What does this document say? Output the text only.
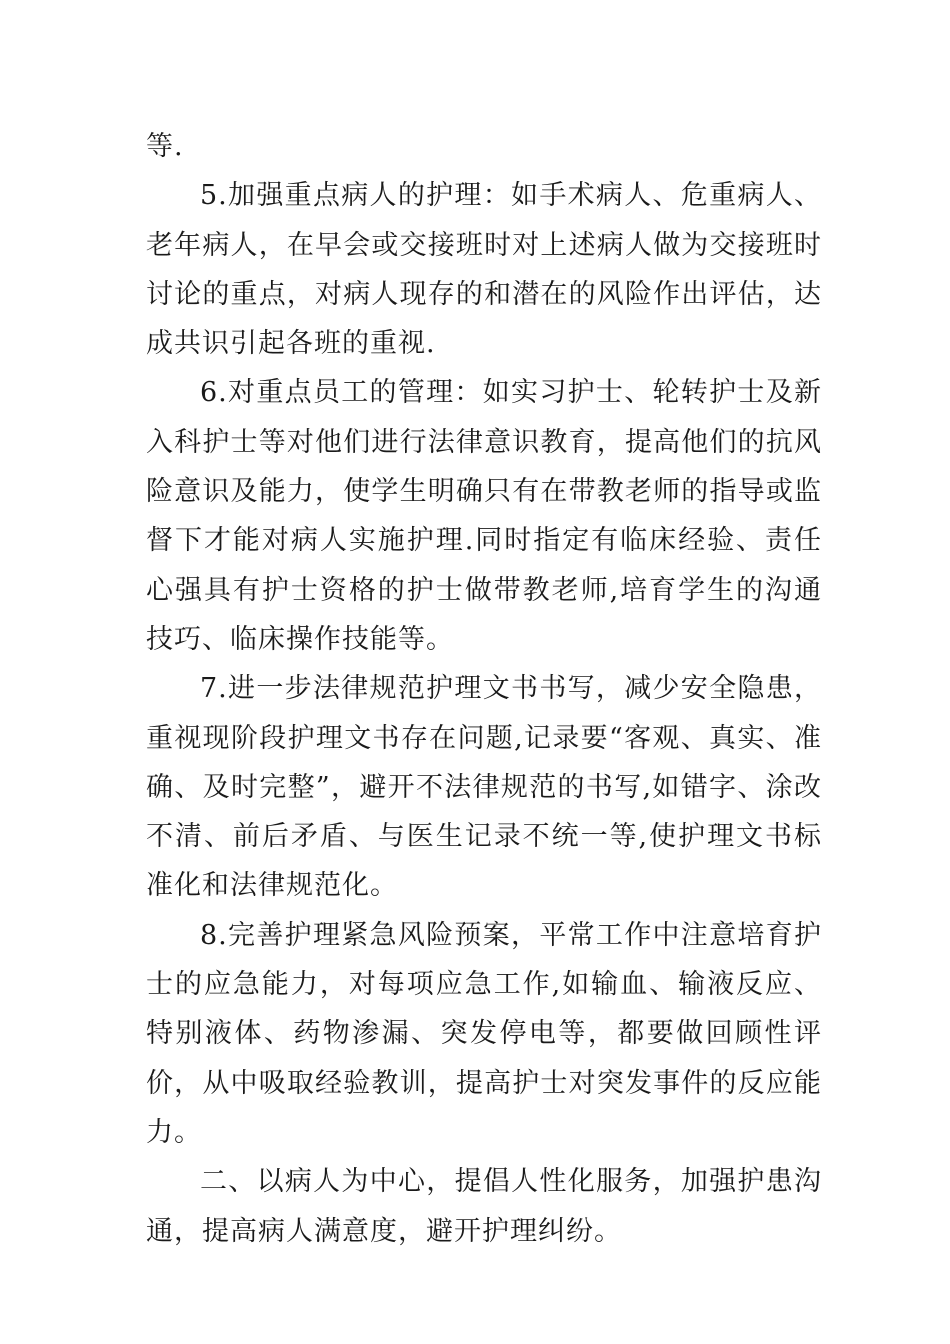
等.

5.加强重点病人的护理：如手术病人、危重病人、老年病人，在早会或交接班时对上述病人做为交接班时讨论的重点，对病人现存的和潜在的风险作出评估，达成共识引起各班的重视.

6.对重点员工的管理：如实习护士、轮转护士及新入科护士等对他们进行法律意识教育，提高他们的抗风险意识及能力，使学生明确只有在带教老师的指导或监督下才能对病人实施护理.同时指定有临床经验、责任心强具有护士资格的护士做带教老师,培育学生的沟通技巧、临床操作技能等。

7.进一步法律规范护理文书书写，减少安全隐患，重视现阶段护理文书存在问题,记录要“客观、真实、准确、及时完整”，避开不法律规范的书写,如错字、涂改不清、前后矛盾、与医生记录不统一等,使护理文书标准化和法律规范化。

8.完善护理紧急风险预案，平常工作中注意培育护士的应急能力，对每项应急工作,如输血、输液反应、特别液体、药物渗漏、突发停电等，都要做回顾性评价，从中吸取经验教训，提高护士对突发事件的反应能力。

二、以病人为中心，提倡人性化服务，加强护患沟通，提高病人满意度，避开护理纠纷。
